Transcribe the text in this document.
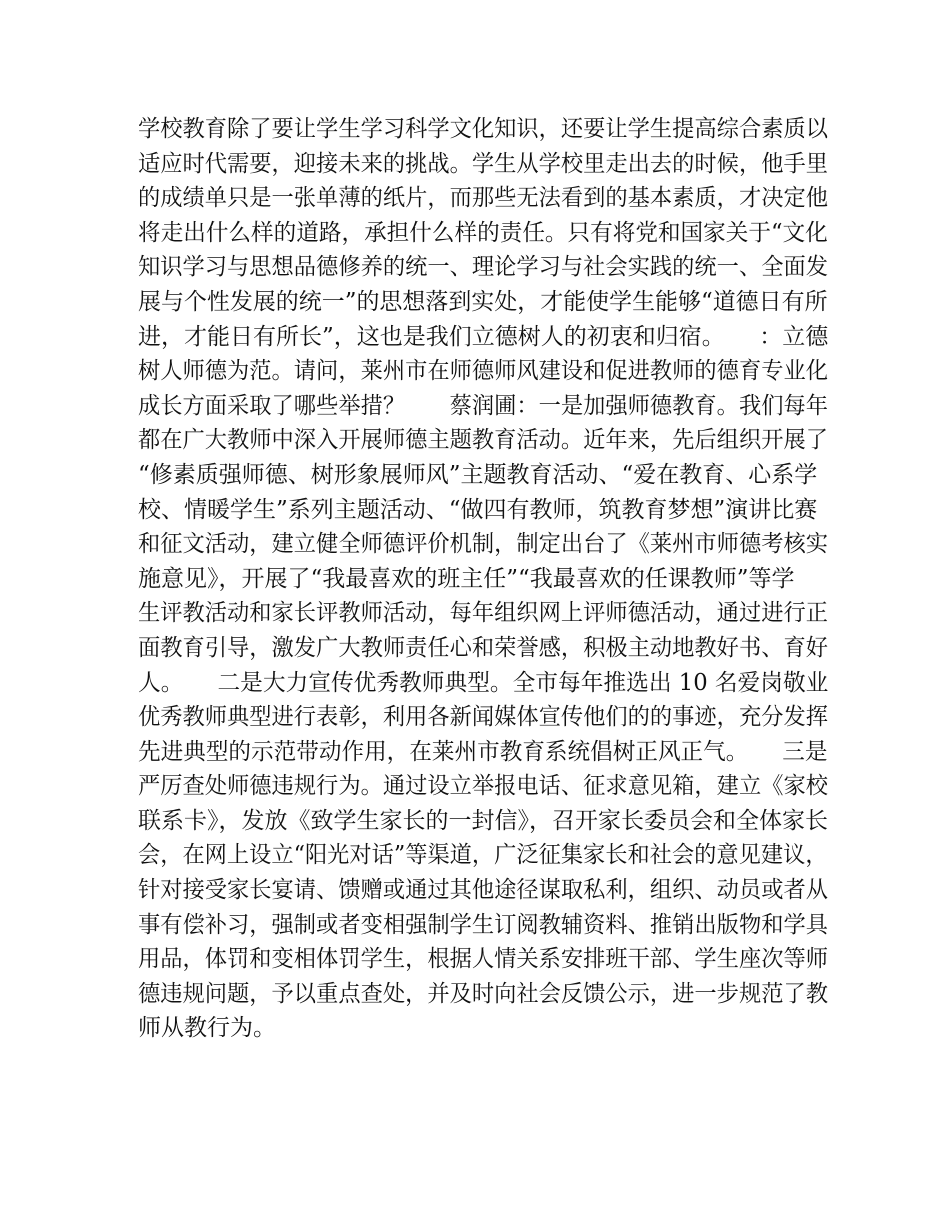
学校教育除了要让学生学习科学文化知识，还要让学生提高综合素质以
适应时代需要，迎接未来的挑战。学生从学校里走出去的时候，他手里
的成绩单只是一张单薄的纸片，而那些无法看到的基本素质，才决定他
将走出什么样的道路，承担什么样的责任。只有将党和国家关于“文化
知识学习与思想品德修养的统一、理论学习与社会实践的统一、全面发
展与个性发展的统一”的思想落到实处，才能使学生能够“道德日有所
进，才能日有所长”，这也是我们立德树人的初衷和归宿。　　：立德
树人师德为范。请问，莱州市在师德师风建设和促进教师的德育专业化
成长方面采取了哪些举措？　　蔡润圃：一是加强师德教育。我们每年
都在广大教师中深入开展师德主题教育活动。近年来，先后组织开展了
“修素质强师德、树形象展师风”主题教育活动、“爱在教育、心系学
校、情暖学生”系列主题活动、“做四有教师，筑教育梦想”演讲比赛
和征文活动，建立健全师德评价机制，制定出台了《莱州市师德考核实
施意见》，开展了“我最喜欢的班主任”“我最喜欢的任课教师”等学
生评教活动和家长评教师活动，每年组织网上评师德活动，通过进行正
面教育引导，激发广大教师责任心和荣誉感，积极主动地教好书、育好
人。　　二是大力宣传优秀教师典型。全市每年推选出 10 名爱岗敬业
优秀教师典型进行表彰，利用各新闻媒体宣传他们的的事迹，充分发挥
先进典型的示范带动作用，在莱州市教育系统倡树正风正气。　　三是
严厉查处师德违规行为。通过设立举报电话、征求意见箱，建立《家校
联系卡》，发放《致学生家长的一封信》，召开家长委员会和全体家长
会，在网上设立“阳光对话”等渠道，广泛征集家长和社会的意见建议，
针对接受家长宴请、馈赠或通过其他途径谋取私利，组织、动员或者从
事有偿补习，强制或者变相强制学生订阅教辅资料、推销出版物和学具
用品，体罚和变相体罚学生，根据人情关系安排班干部、学生座次等师
德违规问题，予以重点查处，并及时向社会反馈公示，进一步规范了教
师从教行为。
